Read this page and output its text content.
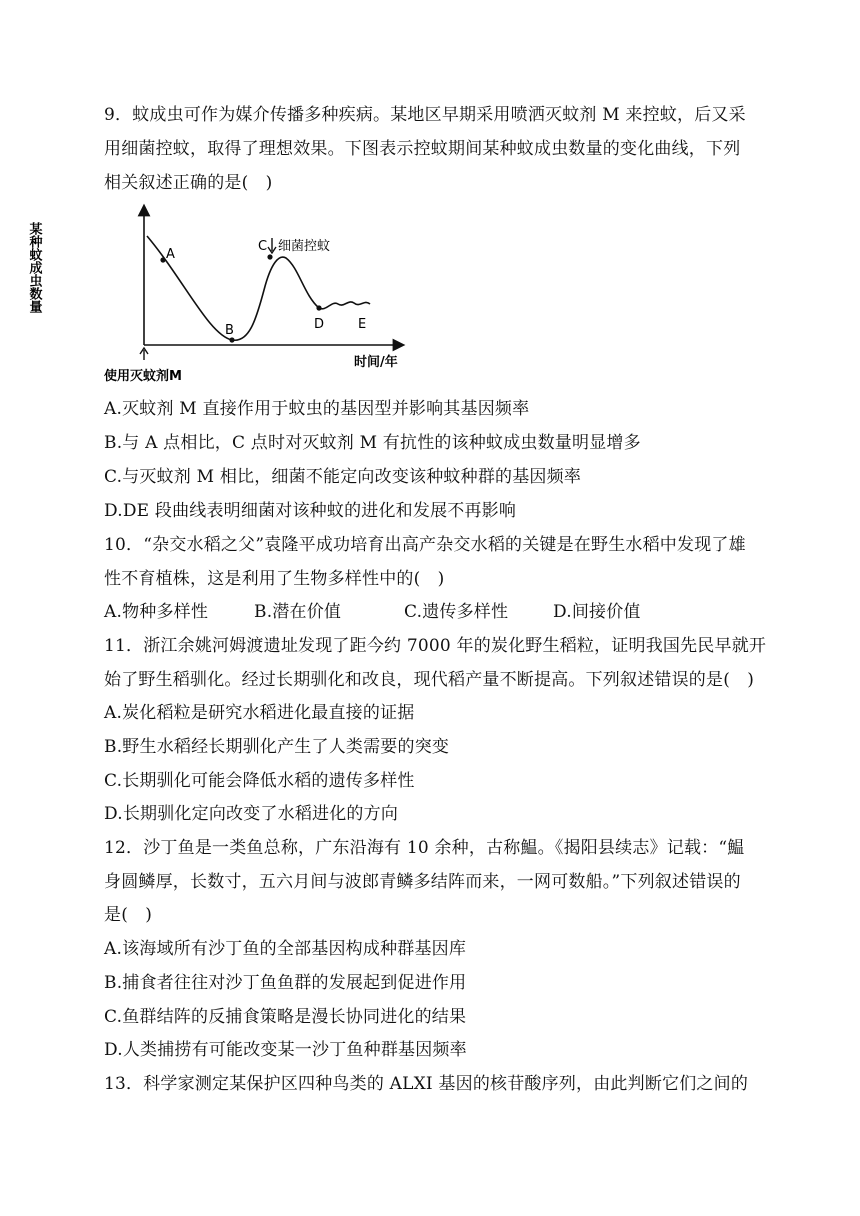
9．蚊成虫可作为媒介传播多种疾病。某地区早期采用喷洒灭蚊剂 M 来控蚊，后又采
用细菌控蚊，取得了理想效果。下图表示控蚊期间某种蚊成虫数量的变化曲线，下列
相关叙述正确的是(　)
A
B
C
D	E
细菌控蚊
某种蚊成虫数量
时间/年
使用灭蚊剂M
A.灭蚊剂 M 直接作用于蚊虫的基因型并影响其基因频率
B.与 A 点相比，C 点时对灭蚊剂 M 有抗性的该种蚊成虫数量明显增多
C.与灭蚊剂 M 相比，细菌不能定向改变该种蚊种群的基因频率
D.DE 段曲线表明细菌对该种蚊的进化和发展不再影响
10．“杂交水稻之父”袁隆平成功培育出高产杂交水稻的关键是在野生水稻中发现了雄
性不育植株，这是利用了生物多样性中的(　)
A.物种多样性	B.潜在价值	C.遗传多样性	D.间接价值
11．浙江余姚河姆渡遗址发现了距今约 7000 年的炭化野生稻粒，证明我国先民早就开
始了野生稻驯化。经过长期驯化和改良，现代稻产量不断提高。下列叙述错误的是(　)
A.炭化稻粒是研究水稻进化最直接的证据
B.野生水稻经长期驯化产生了人类需要的突变
C.长期驯化可能会降低水稻的遗传多样性
D.长期驯化定向改变了水稻进化的方向
12．沙丁鱼是一类鱼总称，广东沿海有 10 余种，古称鰛。《揭阳县续志》记载：“鰛
身圆鳞厚，长数寸，五六月间与波郎青鳞多结阵而来，一网可数船。”下列叙述错误的
是(　)
A.该海域所有沙丁鱼的全部基因构成种群基因库
B.捕食者往往对沙丁鱼鱼群的发展起到促进作用
C.鱼群结阵的反捕食策略是漫长协同进化的结果
D.人类捕捞有可能改变某一沙丁鱼种群基因频率
13．科学家测定某保护区四种鸟类的 ALXI 基因的核苷酸序列，由此判断它们之间的
